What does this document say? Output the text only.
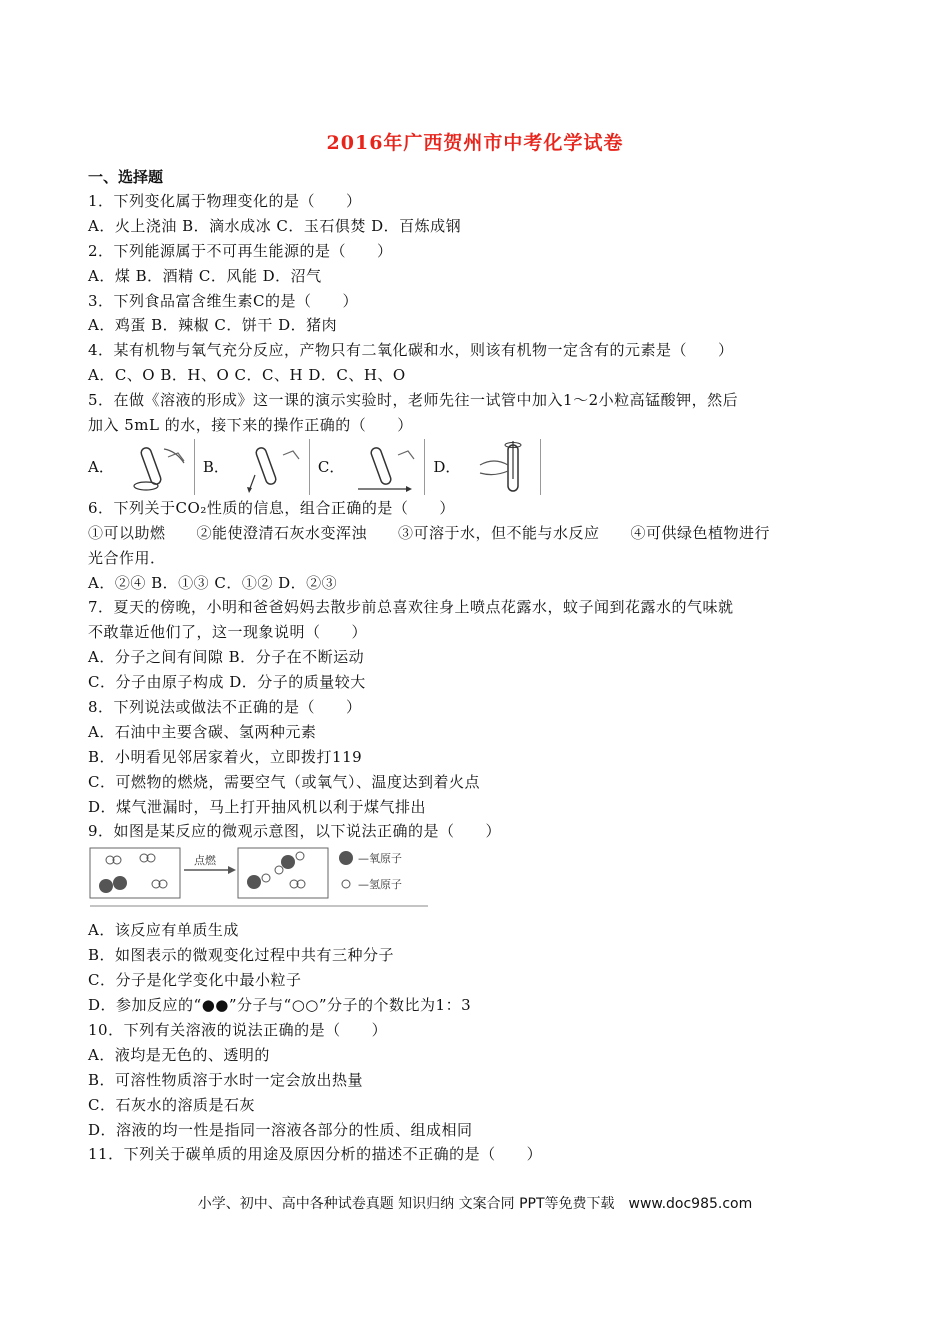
2016年广西贺州市中考化学试卷
一、选择题
1．下列变化属于物理变化的是（　　）
A．火上浇油 B．滴水成冰 C．玉石俱焚 D．百炼成钢
2．下列能源属于不可再生能源的是（　　）
A．煤 B．酒精 C．风能 D．沼气
3．下列食品富含维生素C的是（　　）
A．鸡蛋 B．辣椒 C．饼干 D．猪肉
4．某有机物与氧气充分反应，产物只有二氧化碳和水，则该有机物一定含有的元素是（　　）
A．C、O B．H、O C．C、H D．C、H、O
5．在做《溶液的形成》这一课的演示实验时，老师先往一试管中加入1～2小粒高锰酸钾，然后
加入 5mL 的水，接下来的操作正确的（　　）
A．	B．	C．	D．
6．下列关于CO₂性质的信息，组合正确的是（　　）
①可以助燃　　②能使澄清石灰水变浑浊　　③可溶于水，但不能与水反应　　④可供绿色植物进行
光合作用．
A．②④ B．①③ C．①② D．②③
7．夏天的傍晚，小明和爸爸妈妈去散步前总喜欢往身上喷点花露水，蚊子闻到花露水的气味就
不敢靠近他们了，这一现象说明（　　）
A．分子之间有间隙 B．分子在不断运动
C．分子由原子构成 D．分子的质量较大
8．下列说法或做法不正确的是（　　）
A．石油中主要含碳、氢两种元素
B．小明看见邻居家着火，立即拨打119
C．可燃物的燃烧，需要空气（或氧气）、温度达到着火点
D．煤气泄漏时，马上打开抽风机以利于煤气排出
9．如图是某反应的微观示意图，以下说法正确的是（　　）
点燃	—氧原子
—氢原子
A．该反应有单质生成
B．如图表示的微观变化过程中共有三种分子
C．分子是化学变化中最小粒子
D．参加反应的“●●”分子与“○○”分子的个数比为1：3
10．下列有关溶液的说法正确的是（　　）
A．液均是无色的、透明的
B．可溶性物质溶于水时一定会放出热量
C．石灰水的溶质是石灰
D．溶液的均一性是指同一溶液各部分的性质、组成相同
11．下列关于碳单质的用途及原因分析的描述不正确的是（　　）
小学、初中、高中各种试卷真题 知识归纳 文案合同 PPT等免费下载　www.doc985.com
